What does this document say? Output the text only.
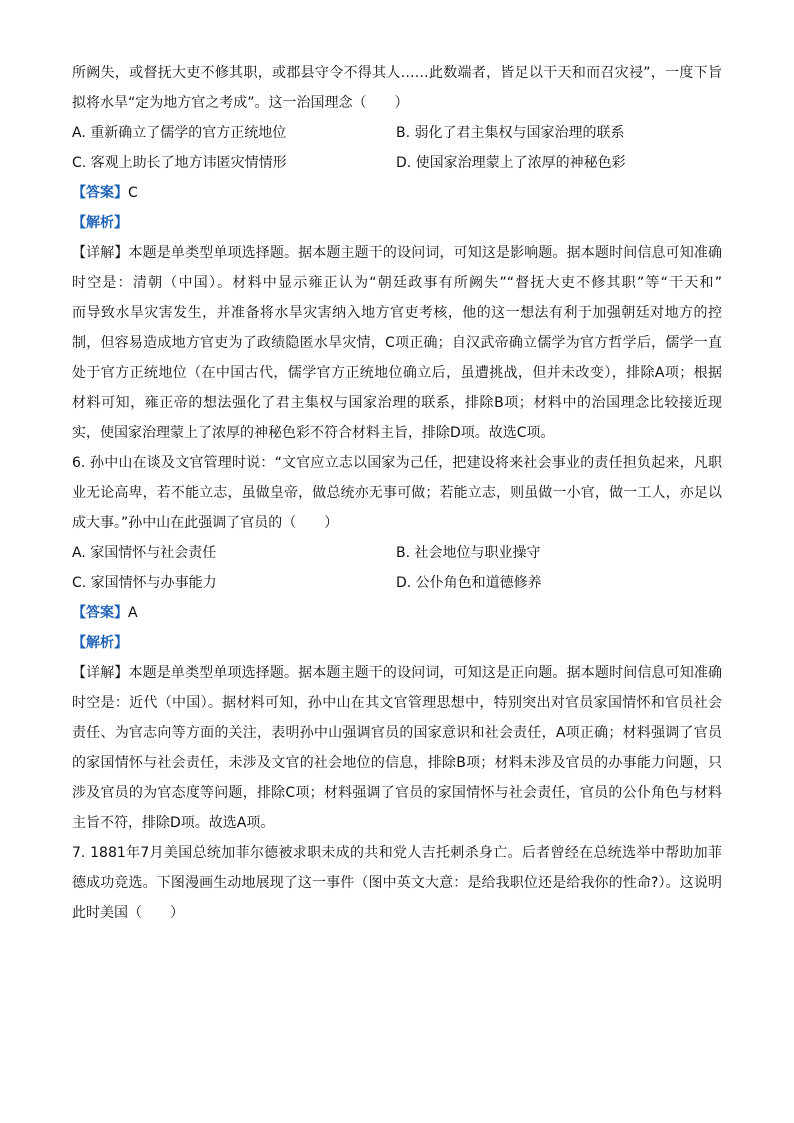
所阙失，或督抚大吏不修其职，或郡县守令不得其人……此数端者，皆足以干天和而召灾祲”，一度下旨
拟将水旱“定为地方官之考成”。这一治国理念（　　）
A. 重新确立了儒学的官方正统地位	B. 弱化了君主集权与国家治理的联系
C. 客观上助长了地方讳匿灾情情形	D. 使国家治理蒙上了浓厚的神秘色彩
【答案】C
【解析】
【详解】本题是单类型单项选择题。据本题主题干的设问词，可知这是影响题。据本题时间信息可知准确
时空是：清朝（中国）。材料中显示雍正认为“朝廷政事有所阙失”“督抚大吏不修其职”等“干天和”
而导致水旱灾害发生，并准备将水旱灾害纳入地方官吏考核，他的这一想法有利于加强朝廷对地方的控
制，但容易造成地方官吏为了政绩隐匿水旱灾情，C项正确；自汉武帝确立儒学为官方哲学后，儒学一直
处于官方正统地位（在中国古代，儒学官方正统地位确立后，虽遭挑战，但并未改变），排除A项；根据
材料可知，雍正帝的想法强化了君主集权与国家治理的联系，排除B项；材料中的治国理念比较接近现
实，使国家治理蒙上了浓厚的神秘色彩不符合材料主旨，排除D项。故选C项。
6. 孙中山在谈及文官管理时说：“文官应立志以国家为己任，把建设将来社会事业的责任担负起来，凡职
业无论高卑，若不能立志，虽做皇帝，做总统亦无事可做；若能立志，则虽做一小官，做一工人，亦足以
成大事。”孙中山在此强调了官员的（　　）
A. 家国情怀与社会责任	B. 社会地位与职业操守
C. 家国情怀与办事能力	D. 公仆角色和道德修养
【答案】A
【解析】
【详解】本题是单类型单项选择题。据本题主题干的设问词，可知这是正向题。据本题时间信息可知准确
时空是：近代（中国）。据材料可知，孙中山在其文官管理思想中，特别突出对官员家国情怀和官员社会
责任、为官志向等方面的关注，表明孙中山强调官员的国家意识和社会责任，A项正确；材料强调了官员
的家国情怀与社会责任，未涉及文官的社会地位的信息，排除B项；材料未涉及官员的办事能力问题，只
涉及官员的为官态度等问题，排除C项；材料强调了官员的家国情怀与社会责任，官员的公仆角色与材料
主旨不符，排除D项。故选A项。
7. 1881年7月美国总统加菲尔德被求职未成的共和党人吉托刺杀身亡。后者曾经在总统选举中帮助加菲
德成功竞选。下图漫画生动地展现了这一事件（图中英文大意：是给我职位还是给我你的性命?）。这说明
此时美国（　　）
